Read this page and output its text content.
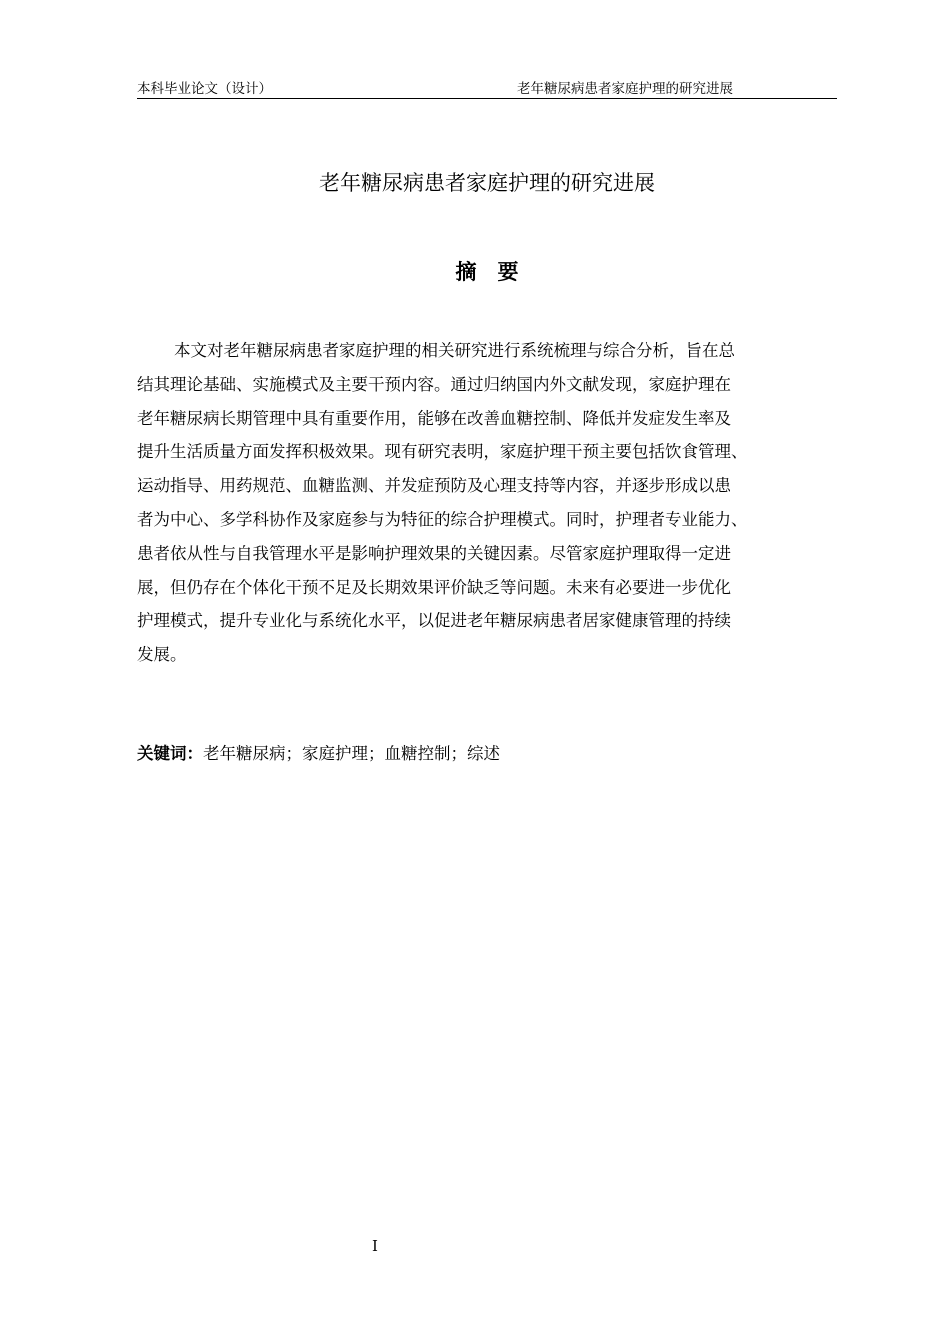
本科毕业论文（设计）	老年糖尿病患者家庭护理的研究进展
老年糖尿病患者家庭护理的研究进展
摘　要
本文对老年糖尿病患者家庭护理的相关研究进行系统梳理与综合分析，旨在总
结其理论基础、实施模式及主要干预内容。通过归纳国内外文献发现，家庭护理在
老年糖尿病长期管理中具有重要作用，能够在改善血糖控制、降低并发症发生率及
提升生活质量方面发挥积极效果。现有研究表明，家庭护理干预主要包括饮食管理、
运动指导、用药规范、血糖监测、并发症预防及心理支持等内容，并逐步形成以患
者为中心、多学科协作及家庭参与为特征的综合护理模式。同时，护理者专业能力、
患者依从性与自我管理水平是影响护理效果的关键因素。尽管家庭护理取得一定进
展，但仍存在个体化干预不足及长期效果评价缺乏等问题。未来有必要进一步优化
护理模式，提升专业化与系统化水平，以促进老年糖尿病患者居家健康管理的持续
发展。
关键词：老年糖尿病；家庭护理；血糖控制；综述
I
